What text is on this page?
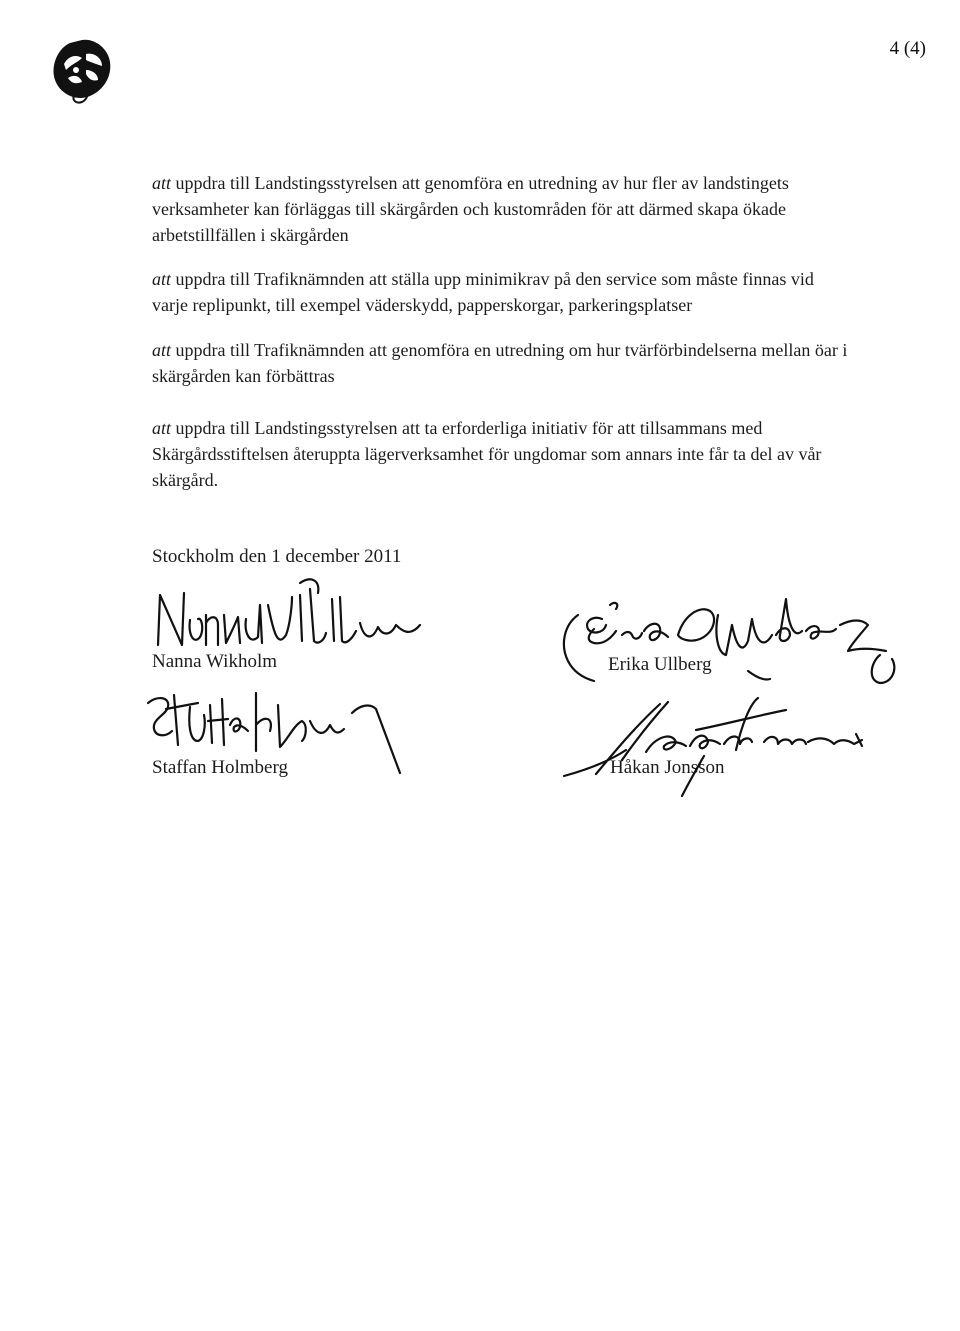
4 (4)

att uppdra till Landstingsstyrelsen att genomföra en utredning av hur fler av landstingets verksamheter kan förläggas till skärgården och kustområden för att därmed skapa ökade arbetstillfällen i skärgården

att uppdra till Trafiknämnden att ställa upp minimikrav på den service som måste finnas vid varje replipunkt, till exempel väderskydd, papperskorgar, parkeringsplatser

att uppdra till Trafiknämnden att genomföra en utredning om hur tvärförbindelserna mellan öar i skärgården kan förbättras

att uppdra till Landstingsstyrelsen att ta erforderliga initiativ för att tillsammans med Skärgårdsstiftelsen återuppta lägerverksamhet för ungdomar som annars inte får ta del av vår skärgård.

Stockholm den 1 december 2011
Nanna Wikholm	Erika Ullberg
Staffan Holmberg	Håkan Jonsson
